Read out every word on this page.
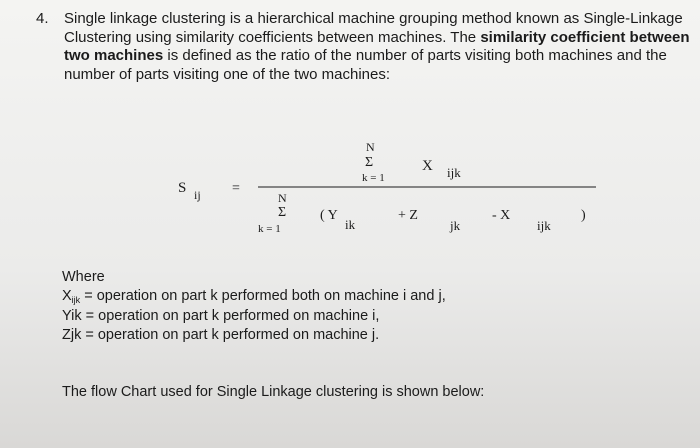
4. Single linkage clustering is a hierarchical machine grouping method known as Single-Linkage Clustering using similarity coefficients between machines. The similarity coefficient between two machines is defined as the ratio of the number of parts visiting both machines and the number of parts visiting one of the two machines:
S ij =
N
Σ
k = 1
X ijk
N
Σ
k = 1
( Y
ik
+ Z
jk
- X
ijk
)
Where
$X_{ijk}$ = operation on part k performed both on machine i and j,
Yik = operation on part k performed on machine i,
Zjk = operation on part k performed on machine j.
The flow Chart used for Single Linkage clustering is shown below:
